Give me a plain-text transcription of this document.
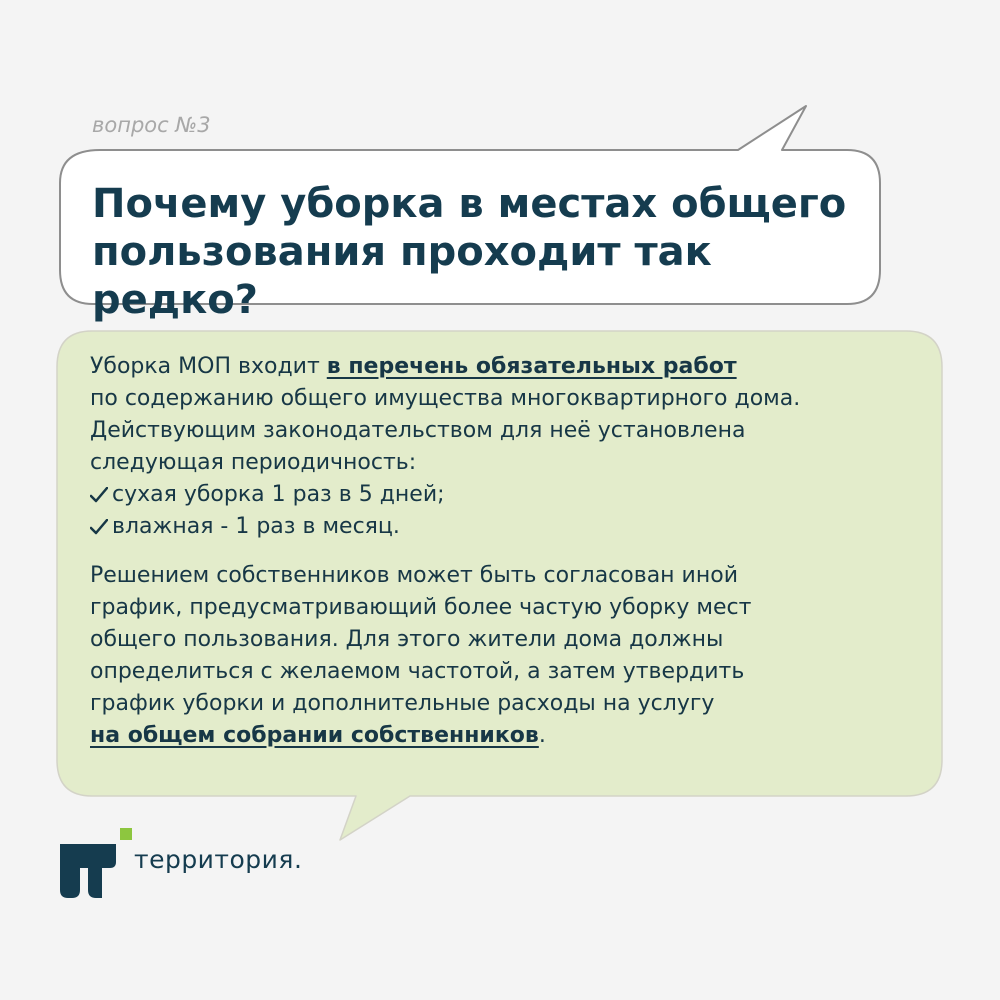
вопрос №3
Почему уборка в местах общего
пользования проходит так редко?

Уборка МОП входит в перечень обязательных работ
по содержанию общего имущества многоквартирного дома.
Действующим законодательством для неё установлена
следующая периодичность:
сухая уборка 1 раз в 5 дней;
влажная - 1 раз в месяц.

Решением собственников может быть согласован иной
график, предусматривающий более частую уборку мест
общего пользования. Для этого жители дома должны
определиться с желаемом частотой, а затем утвердить
график уборки и дополнительные расходы на услугу
на общем собрании собственников.

территория.
